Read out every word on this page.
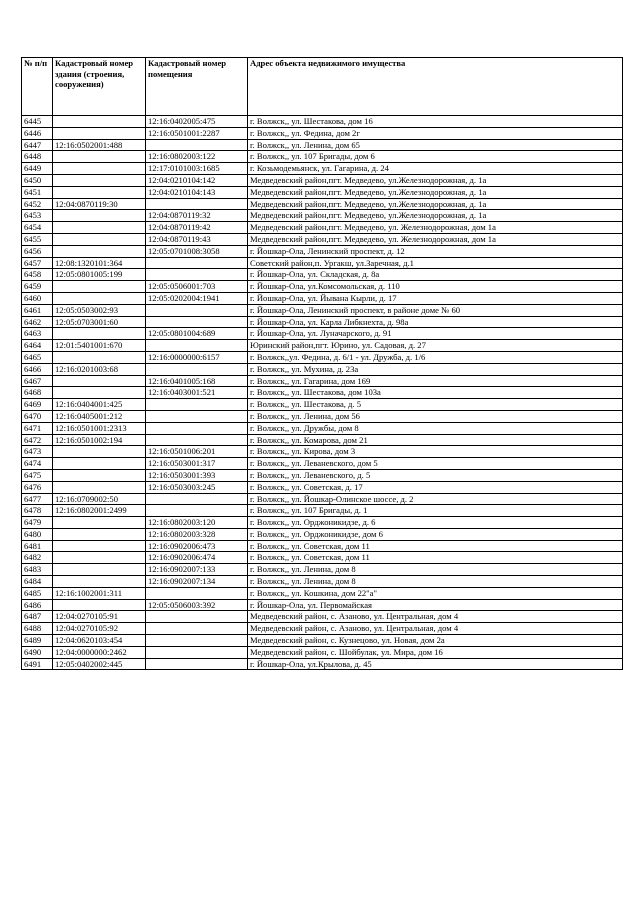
№ п/п	Кадастровый номер здания (строения, сооружения)	Кадастровый номер помещения	Адрес объекта недвижимого имущества
6445		12:16:0402005:475	г. Волжск,, ул. Шестакова, дом 16
6446		12:16:0501001:2287	г. Волжск,, ул. Федина, дом 2г
6447	12:16:0502001:488		г. Волжск,, ул. Ленина, дом 65
6448		12:16:0802003:122	г. Волжск,, ул. 107 Бригады, дом 6
6449		12:17:0101003:1685	г. Козьмодемьянск, ул. Гагарина, д. 24
6450		12:04:0210104:142	Медведевский район,пгт. Медведево, ул.Железнодорожная, д. 1а
6451		12:04:0210104:143	Медведевский район,пгт. Медведево, ул.Железнодорожная, д. 1а
6452	12:04:0870119:30		Медведевский район,пгт. Медведево, ул.Железнодорожная, д. 1а
6453		12:04:0870119:32	Медведевский район,пгт. Медведево, ул.Железнодорожная, д. 1а
6454		12:04:0870119:42	Медведевский район,пгт. Медведево, ул. Железнодорожная, дом 1а
6455		12:04:0870119:43	Медведевский район,пгт. Медведево, ул. Железнодорожная, дом 1а
6456		12:05:0701008:3058	г. Йошкар-Ола, Ленинский проспект, д. 12
6457	12:08:1320101:364		Советский район,п. Ургакш, ул.Заречная, д.1
6458	12:05:0801005:199		г. Йошкар-Ола, ул. Складская, д. 8а
6459		12:05:0506001:703	г. Йошкар-Ола, ул.Комсомольская, д. 110
6460		12:05:0202004:1941	г. Йошкар-Ола, ул. Йывана Кырли, д. 17
6461	12:05:0503002:93		г. Йошкар-Ола, Ленинский проспект, в районе доме № 60
6462	12:05:0703001:60		г. Йошкар-Ола, ул. Карла Либкнехта, д. 98а
6463		12:05:0801004:689	г. Йошкар-Ола, ул. Луначарского, д. 91
6464	12:01:5401001:670		Юринский район,пгт. Юрино, ул. Садовая, д. 27
6465		12:16:0000000:6157	г. Волжск,,ул. Федина, д. 6/1 - ул. Дружба, д. 1/6
6466	12:16:0201003:68		г. Волжск,, ул. Мухина, д. 23а
6467		12:16:0401005:168	г. Волжск,, ул. Гагарина, дом 169
6468		12:16:0403001:521	г. Волжск,, ул. Шестакова, дом 103а
6469	12:16:0404001:425		г. Волжск,, ул. Шестакова, д. 5
6470	12:16:0405001:212		г. Волжск,, ул. Ленина, дом 56
6471	12:16:0501001:2313		г. Волжск,, ул. Дружбы, дом 8
6472	12:16:0501002:194		г. Волжск,, ул. Комарова, дом 21
6473		12:16:0501006:201	г. Волжск,, ул. Кирова, дом 3
6474		12:16:0503001:317	г. Волжск,, ул. Леваневского, дом 5
6475		12:16:0503001:393	г. Волжск,, ул. Леваневского, д. 5
6476		12:16:0503003:245	г. Волжск,, ул. Советская, д. 17
6477	12:16:0709002:50		г. Волжск,, ул. Йошкар-Олинское шоссе, д. 2
6478	12:16:0802001:2499		г. Волжск,, ул. 107 Бригады, д. 1
6479		12:16:0802003:120	г. Волжск,, ул. Орджоникидзе, д. 6
6480		12:16:0802003:328	г. Волжск,, ул. Орджоникидзе, дом 6
6481		12:16:0902006:473	г. Волжск,, ул. Советская, дом 11
6482		12:16:0902006:474	г. Волжск,, ул. Советская, дом 11
6483		12:16:0902007:133	г. Волжск,, ул. Ленина, дом 8
6484		12:16:0902007:134	г. Волжск,, ул. Ленина, дом 8
6485	12:16:1002001:311		г. Волжск,, ул. Кошкина, дом 22"а"
6486		12:05:0506003:392	г. Йошкар-Ола, ул. Первомайская
6487	12:04:0270105:91		Медведевский район, с. Азаново, ул. Центральная, дом 4
6488	12:04:0270105:92		Медведевский район, с. Азаново, ул. Центральная, дом 4
6489	12:04:0620103:454		Медведевский район, с. Кузнецово, ул. Новая, дом 2а
6490	12:04:0000000:2462		Медведевский район, с. Шойбулак, ул. Мира, дом 16
6491	12:05:0402002:445		г. Йошкар-Ола, ул.Крылова, д. 45
